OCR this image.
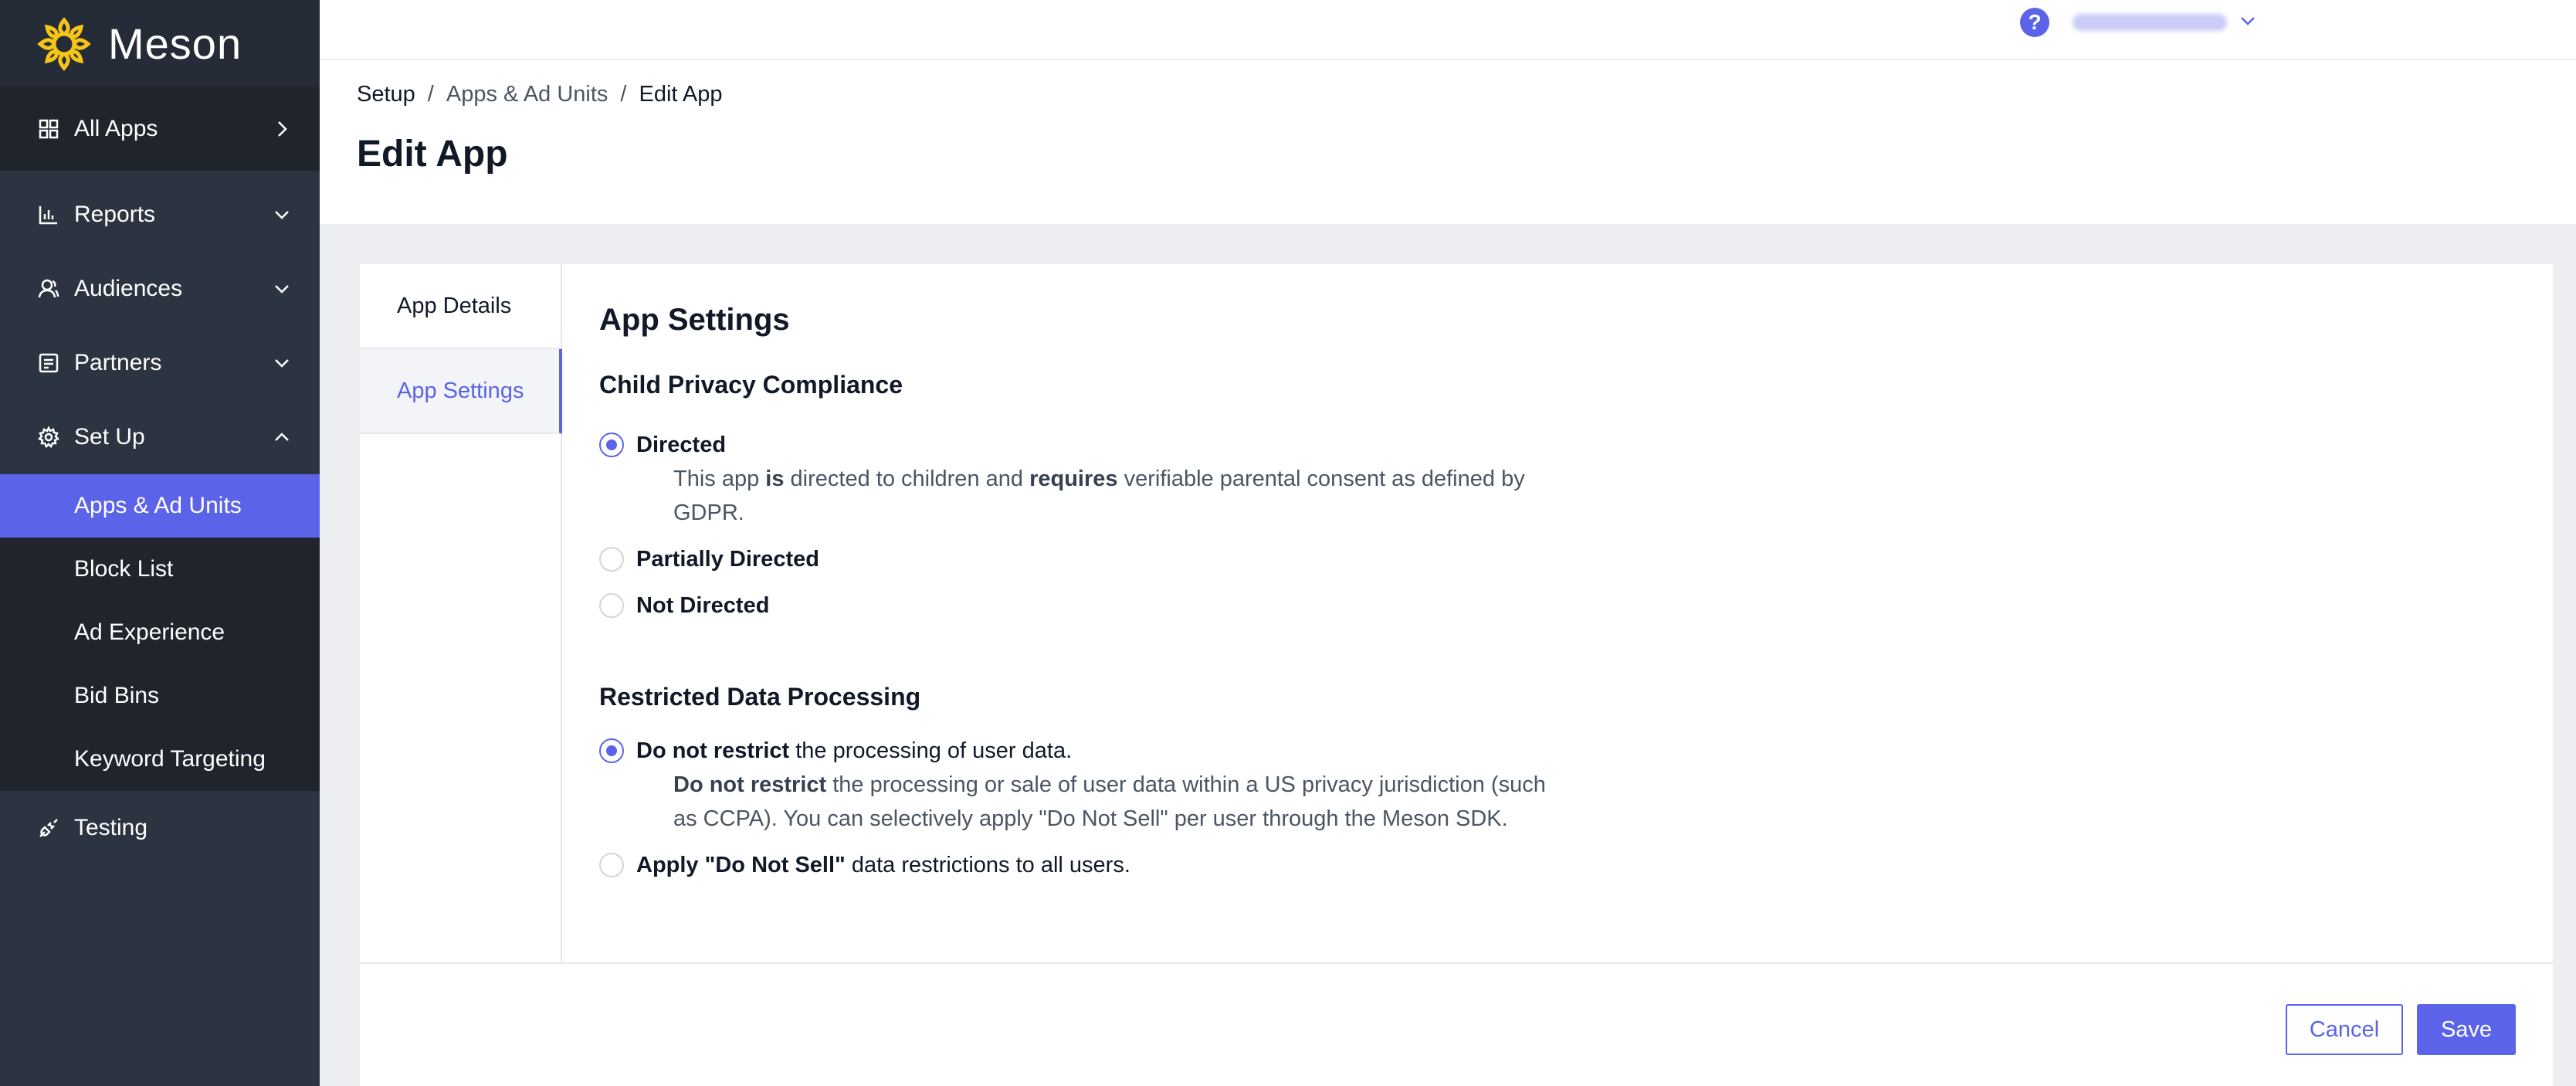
Meson
All Apps
Reports
Audiences
Partners
Set Up
Apps & Ad Units
Block List
Ad Experience
Bid Bins
Keyword Targeting
Testing
?
Setup / Apps & Ad Units / Edit App
Edit App
App Details
App Settings
App Settings
Child Privacy Compliance
Directed
This app is directed to children and requires verifiable parental consent as defined by GDPR.
Partially Directed
Not Directed
Restricted Data Processing
Do not restrict the processing of user data.
Do not restrict the processing or sale of user data within a US privacy jurisdiction (such as CCPA). You can selectively apply "Do Not Sell" per user through the Meson SDK.
Apply "Do Not Sell" data restrictions to all users.
Cancel	Save
